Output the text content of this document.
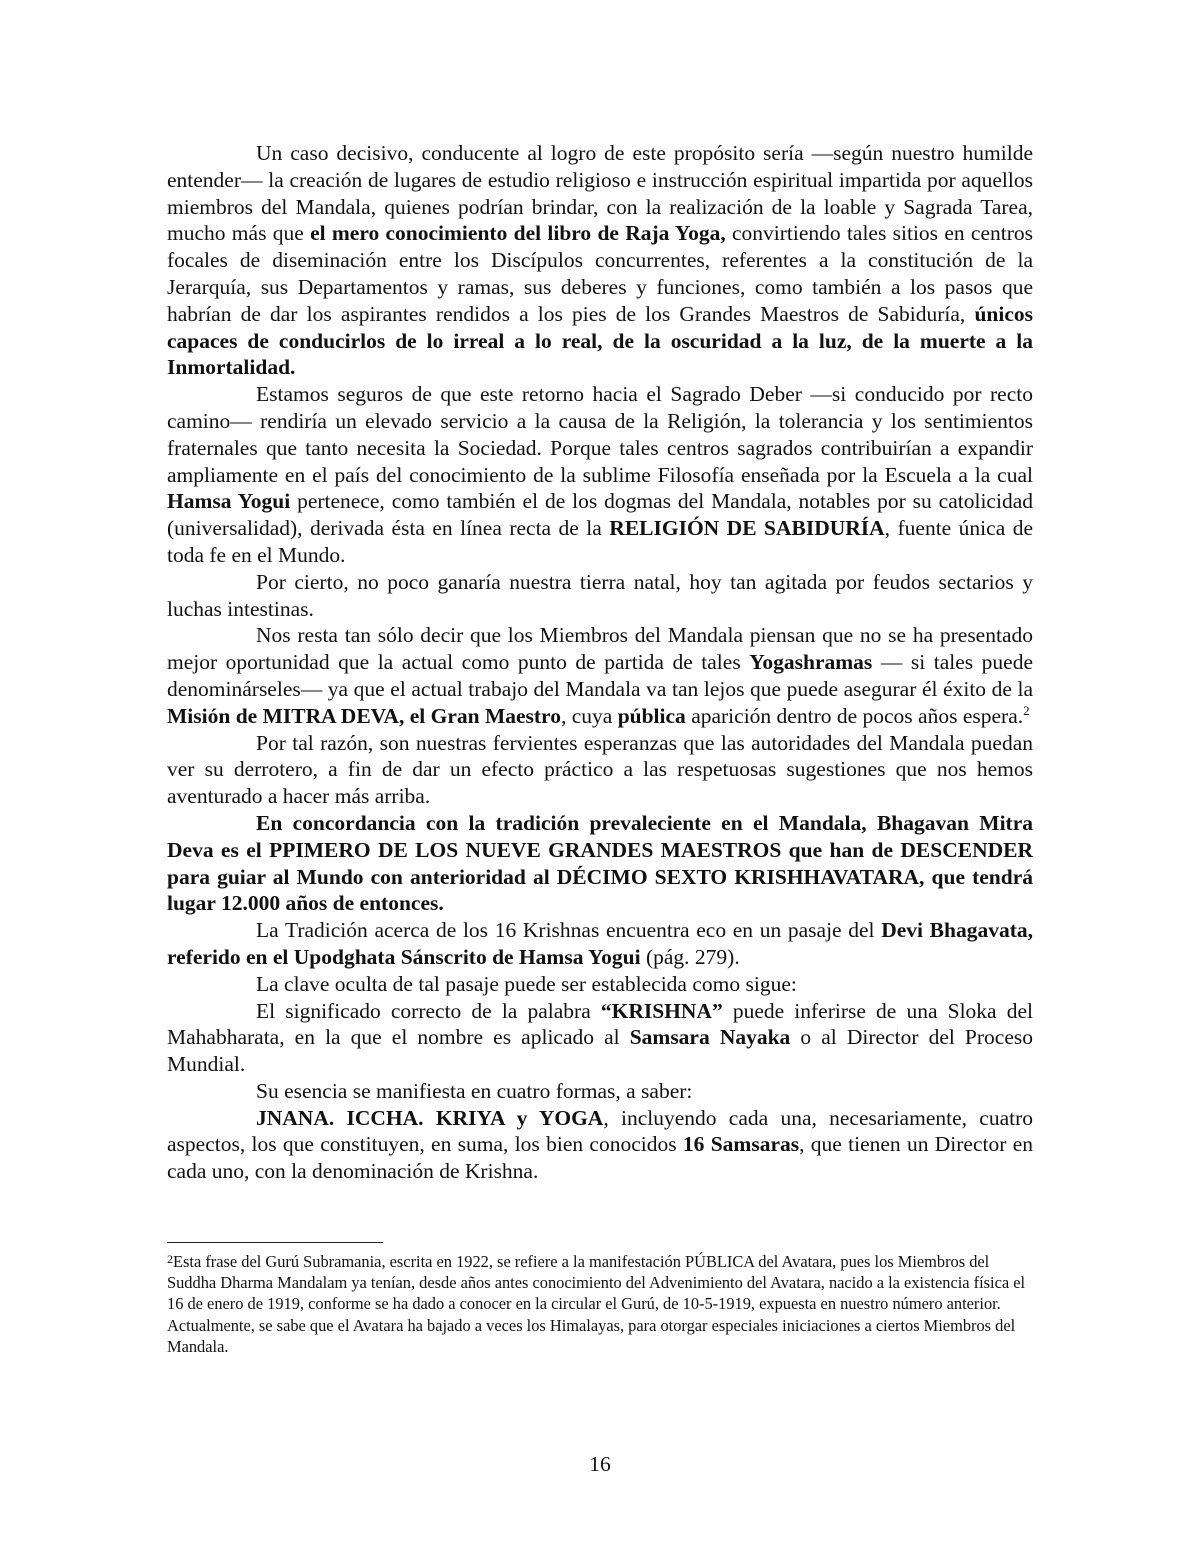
Un caso decisivo, conducente al logro de este propósito sería —según nuestro humilde entender— la creación de lugares de estudio religioso e instrucción espiritual impartida por aquellos miembros del Mandala, quienes podrían brindar, con la realización de la loable y Sagrada Tarea, mucho más que el mero conocimiento del libro de Raja Yoga, convirtiendo tales sitios en centros focales de diseminación entre los Discípulos concurrentes, referentes a la constitución de la Jerarquía, sus Departamentos y ramas, sus deberes y funciones, como también a los pasos que habrían de dar los aspirantes rendidos a los pies de los Grandes Maestros de Sabiduría, únicos capaces de conducirlos de lo irreal a lo real, de la oscuridad a la luz, de la muerte a la Inmortalidad.

Estamos seguros de que este retorno hacia el Sagrado Deber —si conducido por recto camino— rendiría un elevado servicio a la causa de la Religión, la tolerancia y los sentimientos fraternales que tanto necesita la Sociedad. Porque tales centros sagrados contribuirían a expandir ampliamente en el país del conocimiento de la sublime Filosofía enseñada por la Escuela a la cual Hamsa Yogui pertenece, como también el de los dogmas del Mandala, notables por su catolicidad (universalidad), derivada ésta en línea recta de la RELIGIÓN DE SABIDURÍA, fuente única de toda fe en el Mundo.

Por cierto, no poco ganaría nuestra tierra natal, hoy tan agitada por feudos sectarios y luchas intestinas.

Nos resta tan sólo decir que los Miembros del Mandala piensan que no se ha presentado mejor oportunidad que la actual como punto de partida de tales Yogashramas — si tales puede denominárseles— ya que el actual trabajo del Mandala va tan lejos que puede asegurar él éxito de la Misión de MITRA DEVA, el Gran Maestro, cuya pública aparición dentro de pocos años espera.$^2$

Por tal razón, son nuestras fervientes esperanzas que las autoridades del Mandala puedan ver su derrotero, a fin de dar un efecto práctico a las respetuosas sugestiones que nos hemos aventurado a hacer más arriba.

En concordancia con la tradición prevaleciente en el Mandala, Bhagavan Mitra Deva es el PPIMERO DE LOS NUEVE GRANDES MAESTROS que han de DESCENDER para guiar al Mundo con anterioridad al DÉCIMO SEXTO KRISHHAVATARA, que tendrá lugar 12.000 años de entonces.

La Tradición acerca de los 16 Krishnas encuentra eco en un pasaje del Devi Bhagavata, referido en el Upodghata Sánscrito de Hamsa Yogui (pág. 279).

La clave oculta de tal pasaje puede ser establecida como sigue:

El significado correcto de la palabra “KRISHNA” puede inferirse de una Sloka del Mahabharata, en la que el nombre es aplicado al Samsara Nayaka o al Director del Proceso Mundial.

Su esencia se manifiesta en cuatro formas, a saber:

JNANA. ICCHA. KRIYA y YOGA, incluyendo cada una, necesariamente, cuatro aspectos, los que constituyen, en suma, los bien conocidos 16 Samsaras, que tienen un Director en cada uno, con la denominación de Krishna.

$^2$Esta frase del Gurú Subramania, escrita en 1922, se refiere a la manifestación PÚBLICA del Avatara, pues los Miembros del Suddha Dharma Mandalam ya tenían, desde años antes conocimiento del Advenimiento del Avatara, nacido a la existencia física el 16 de enero de 1919, conforme se ha dado a conocer en la circular el Gurú, de 10-5-1919, expuesta en nuestro número anterior. Actualmente, se sabe que el Avatara ha bajado a veces los Himalayas, para otorgar especiales iniciaciones a ciertos Miembros del Mandala.

16
